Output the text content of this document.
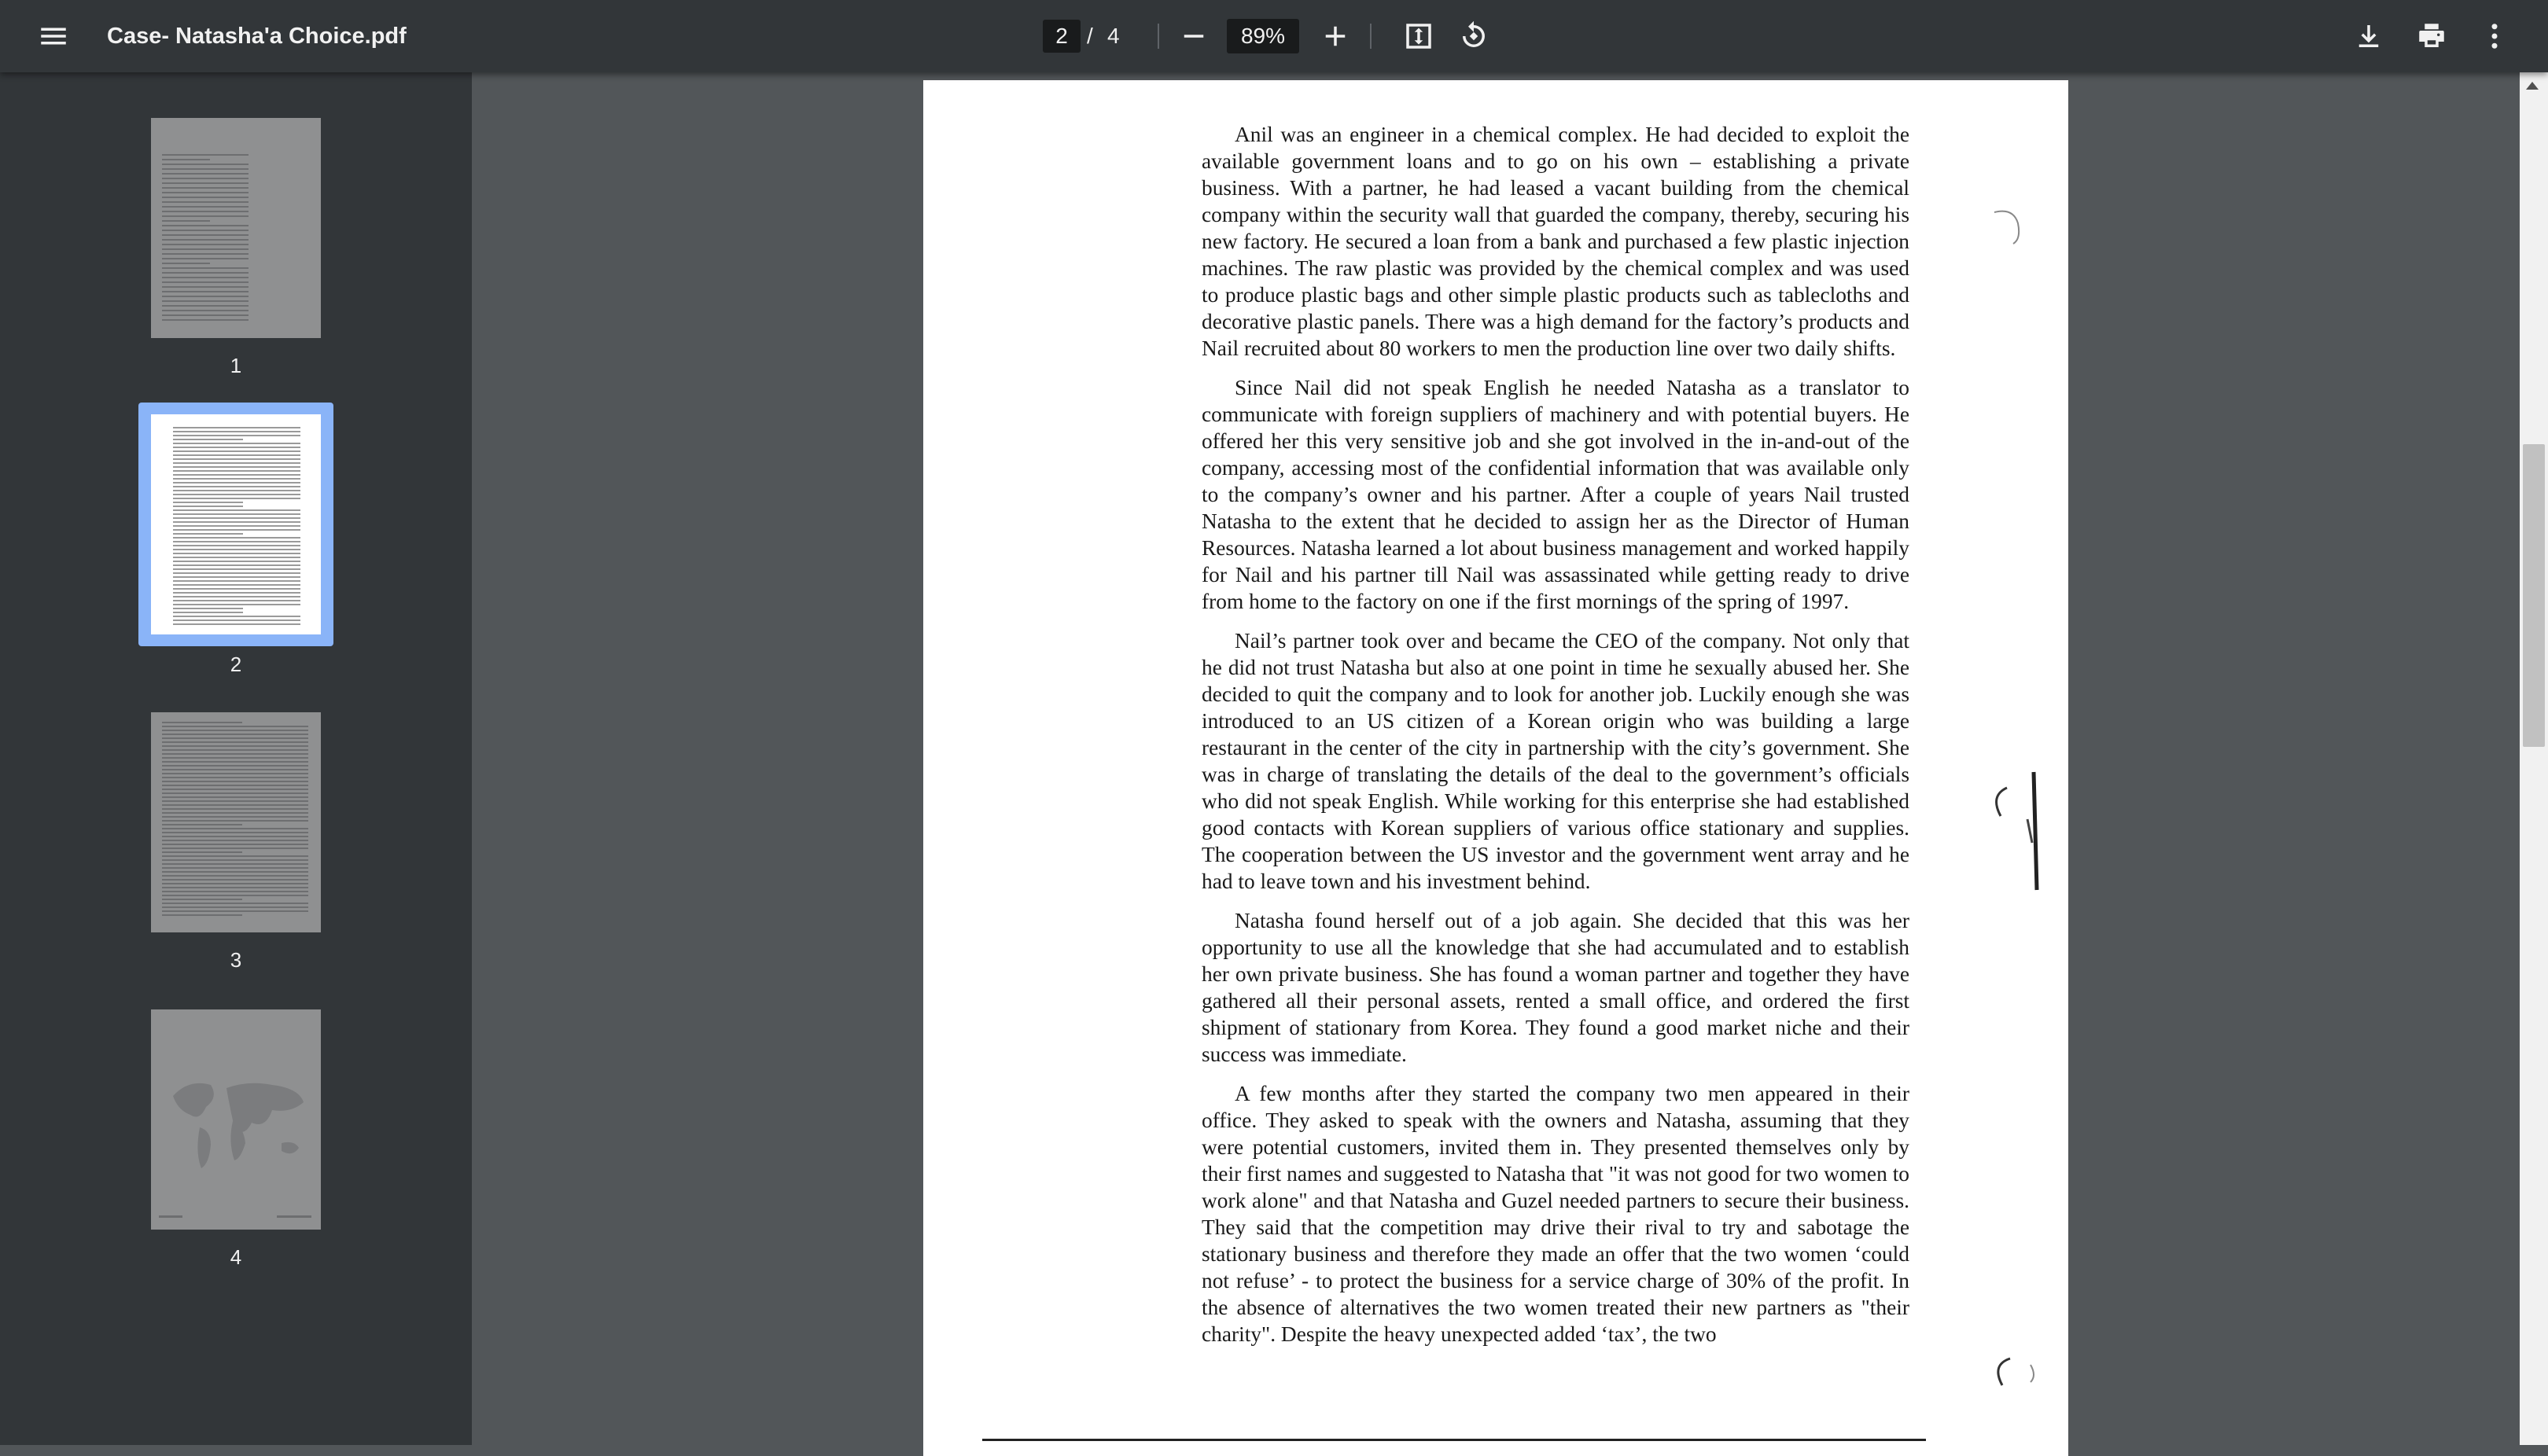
Case- Natasha'a Choice.pdf	2 / 4	89%
1
2
3
4

Anil was an engineer in a chemical complex. He had decided to exploit the available government loans and to go on his own – establishing a private business. With a partner, he had leased a vacant building from the chemical company within the security wall that guarded the company, thereby, securing his new factory. He secured a loan from a bank and purchased a few plastic injection machines. The raw plastic was provided by the chemical complex and was used to produce plastic bags and other simple plastic products such as tablecloths and decorative plastic panels. There was a high demand for the factory’s products and Nail recruited about 80 workers to men the production line over two daily shifts.

Since Nail did not speak English he needed Natasha as a translator to communicate with foreign suppliers of machinery and with potential buyers. He offered her this very sensitive job and she got involved in the in-and-out of the company, accessing most of the confidential information that was available only to the company’s owner and his partner. After a couple of years Nail trusted Natasha to the extent that he decided to assign her as the Director of Human Resources. Natasha learned a lot about business management and worked happily for Nail and his partner till Nail was assassinated while getting ready to drive from home to the factory on one if the first mornings of the spring of 1997.

Nail’s partner took over and became the CEO of the company. Not only that he did not trust Natasha but also at one point in time he sexually abused her. She decided to quit the company and to look for another job. Luckily enough she was introduced to an US citizen of a Korean origin who was building a large restaurant in the center of the city in partnership with the city’s government. She was in charge of translating the details of the deal to the government’s officials who did not speak English. While working for this enterprise she had established good contacts with Korean suppliers of various office stationary and supplies. The cooperation between the US investor and the government went array and he had to leave town and his investment behind.

Natasha found herself out of a job again. She decided that this was her opportunity to use all the knowledge that she had accumulated and to establish her own private business. She has found a woman partner and together they have gathered all their personal assets, rented a small office, and ordered the first shipment of stationary from Korea. They found a good market niche and their success was immediate.

A few months after they started the company two men appeared in their office. They asked to speak with the owners and Natasha, assuming that they were potential customers, invited them in. They presented themselves only by their first names and suggested to Natasha that "it was not good for two women to work alone" and that Natasha and Guzel needed partners to secure their business. They said that the competition may drive their rival to try and sabotage the stationary business and therefore they made an offer that the two women ‘could not refuse’ - to protect the business for a service charge of 30% of the profit. In the absence of alternatives the two women treated their new partners as "their charity". Despite the heavy unexpected added ‘tax’, the two
